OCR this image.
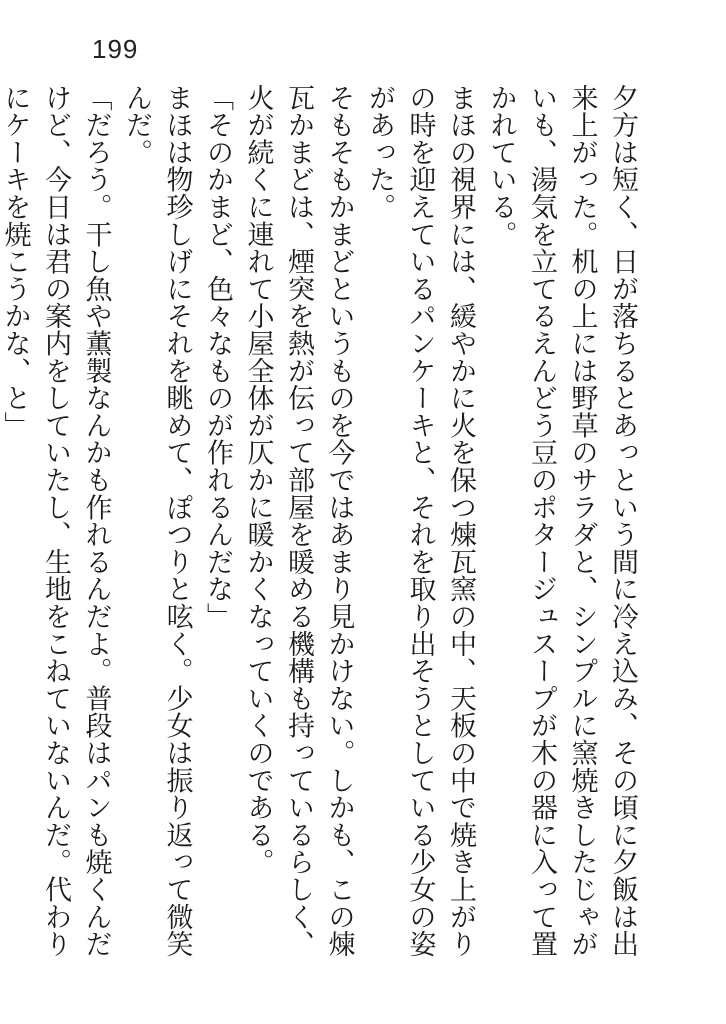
199

夕方は短く、日が落ちるとあっという間に冷え込み、その頃に夕飯は出来上がった。机の上には野草のサラダと、シンプルに窯焼きしたじゃがいも、湯気を立てるえんどう豆のポタージュスープが木の器に入って置かれている。

まほの視界には、緩やかに火を保つ煉瓦窯の中、天板の中で焼き上がりの時を迎えているパンケーキと、それを取り出そうとしている少女の姿があった。

そもそもかまどというものを今ではあまり見かけない。しかも、この煉瓦かまどは、煙突を熱が伝って部屋を暖める機構も持っているらしく、火が続くに連れて小屋全体が仄かに暖かくなっていくのである。

「そのかまど、色々なものが作れるんだな」

まほは物珍しげにそれを眺めて、ぽつりと呟く。少女は振り返って微笑んだ。

「だろう。干し魚や薫製なんかも作れるんだよ。普段はパンも焼くんだけど、今日は君の案内をしていたし、生地をこねていないんだ。代わりにケーキを焼こうかな、と」
